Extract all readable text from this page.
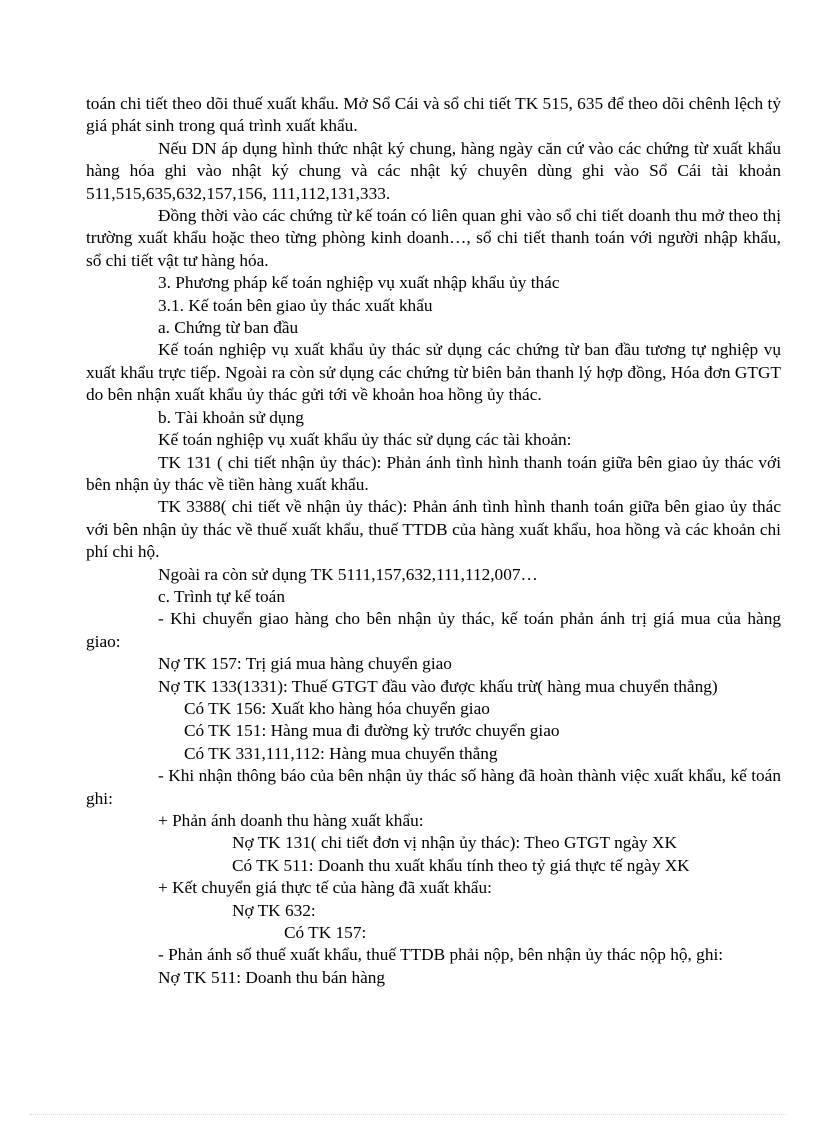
toán chi tiết theo dõi thuế xuất khẩu. Mở Sổ Cái và sổ chi tiết TK 515, 635 để theo dõi chênh lệch tỷ giá phát sinh trong quá trình xuất khẩu.

Nếu DN áp dụng hình thức nhật ký chung, hàng ngày căn cứ vào các chứng từ xuất khẩu hàng hóa ghi vào nhật ký chung và các nhật ký chuyên dùng ghi vào Sổ Cái tài khoản 511,515,635,632,157,156, 111,112,131,333.

Đồng thời vào các chứng từ kế toán có liên quan ghi vào sổ chi tiết doanh thu mở theo thị trường xuất khẩu hoặc theo từng phòng kinh doanh…, sổ chi tiết thanh toán với người nhập khẩu, sổ chi tiết vật tư hàng hóa.

3. Phương pháp kế toán nghiệp vụ xuất nhập khẩu ủy thác

3.1. Kế toán bên giao ủy thác xuất khẩu

a. Chứng từ ban đầu

Kế toán nghiệp vụ xuất khẩu ủy thác sử dụng các chứng từ ban đầu tương tự nghiệp vụ xuất khẩu trực tiếp. Ngoài ra còn sử dụng các chứng từ biên bản thanh lý hợp đồng, Hóa đơn GTGT do bên nhận xuất khẩu ủy thác gửi tới về khoản hoa hồng ủy thác.

b. Tài khoản sử dụng

Kế toán nghiệp vụ xuất khẩu ủy thác sử dụng các tài khoản:

TK 131 ( chi tiết nhận ủy thác): Phản ánh tình hình thanh toán giữa bên giao ủy thác với bên nhận ủy thác về tiền hàng xuất khẩu.

TK 3388( chi tiết về nhận ủy thác): Phản ánh tình hình thanh toán giữa bên giao ủy thác với bên nhận ủy thác về thuế xuất khẩu, thuế TTDB của hàng xuất khẩu, hoa hồng và các khoản chi phí chi hộ.

Ngoài ra còn sử dụng TK 5111,157,632,111,112,007…

c. Trình tự kế toán

- Khi chuyển giao hàng cho bên nhận ủy thác, kế toán phản ánh trị giá mua của hàng giao:

Nợ TK 157: Trị giá mua hàng chuyển giao

Nợ TK 133(1331): Thuế GTGT đầu vào được khấu trừ( hàng mua chuyển thẳng)

Có TK 156: Xuất kho hàng hóa chuyển giao

Có TK 151: Hàng mua đi đường kỳ trước chuyển giao

Có TK 331,111,112: Hàng mua chuyển thẳng

- Khi nhận thông báo của bên nhận ủy thác số hàng đã hoàn thành việc xuất khẩu, kế toán ghi:

+ Phản ánh doanh thu hàng xuất khẩu:

Nợ TK 131( chi tiết đơn vị nhận ủy thác): Theo GTGT ngày XK

Có TK 511: Doanh thu xuất khẩu tính theo tỷ giá thực tế ngày XK

+ Kết chuyển giá thực tế của hàng đã xuất khẩu:

Nợ TK 632:

Có TK 157:

- Phản ánh số thuế xuất khẩu, thuế TTDB phải nộp, bên nhận ủy thác nộp hộ, ghi:

Nợ TK 511: Doanh thu bán hàng
